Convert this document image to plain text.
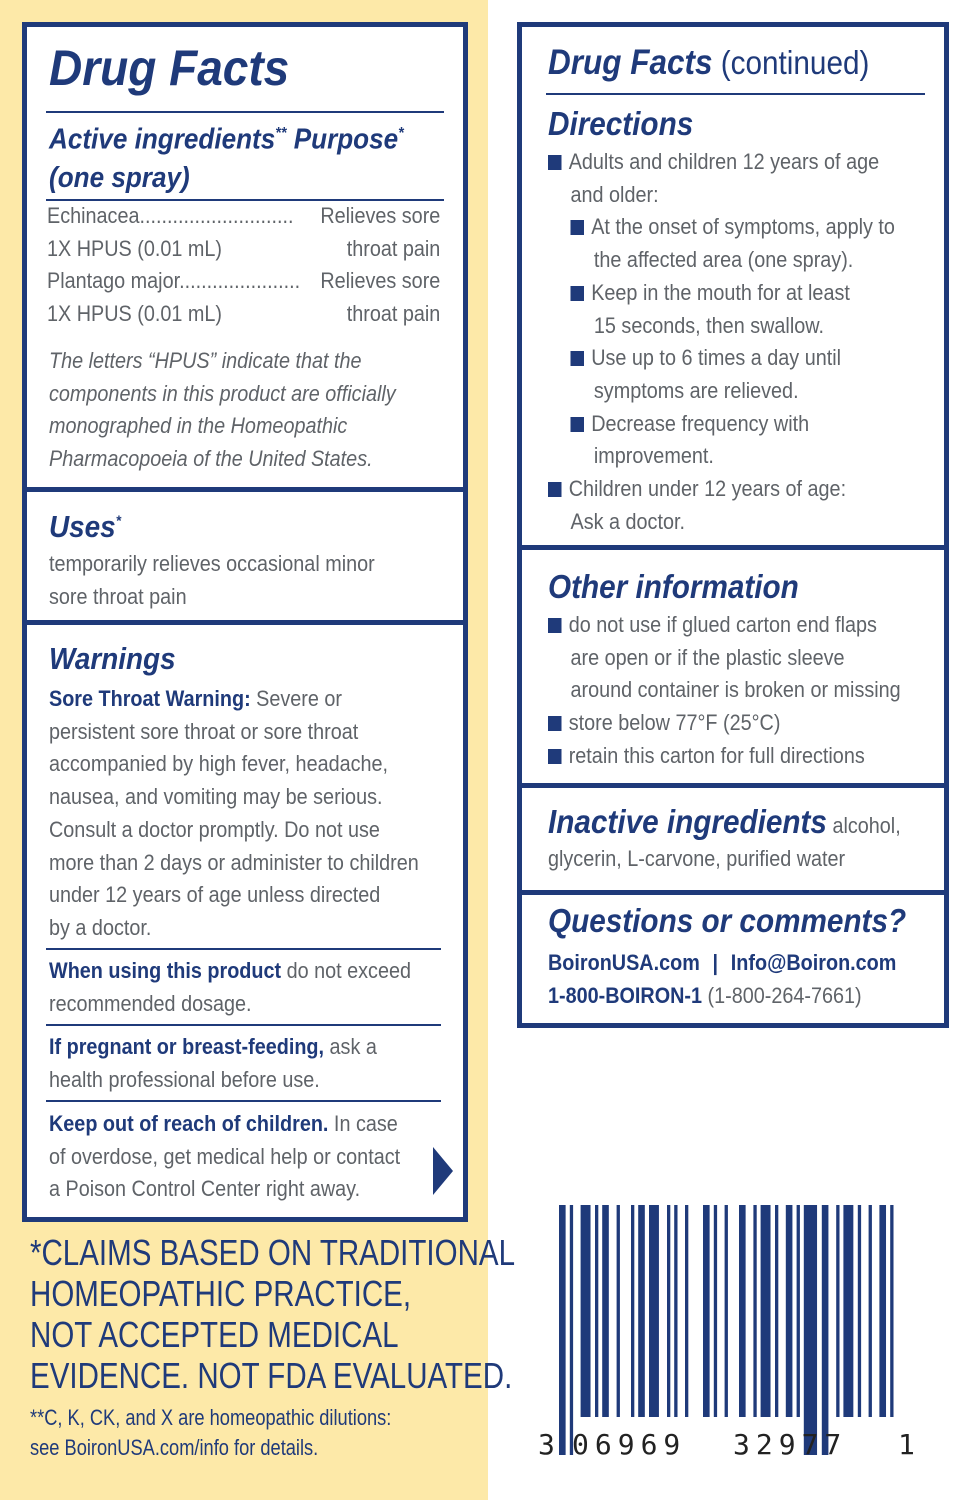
Drug Facts
Active ingredients** Purpose*
(one spray)
Echinacea............................ Relieves sore
1X HPUS (0.01 mL)	throat pain
Plantago major...................... Relieves sore
1X HPUS (0.01 mL)	throat pain
The letters “HPUS” indicate that the
components in this product are officially
monographed in the Homeopathic
Pharmacopoeia of the United States.
Uses*
temporarily relieves occasional minor
sore throat pain
Warnings
Sore Throat Warning: Severe or
persistent sore throat or sore throat
accompanied by high fever, headache,
nausea, and vomiting may be serious.
Consult a doctor promptly. Do not use
more than 2 days or administer to children
under 12 years of age unless directed
by a doctor.
When using this product do not exceed
recommended dosage.
If pregnant or breast-feeding, ask a
health professional before use.
Keep out of reach of children. In case
of overdose, get medical help or contact
a Poison Control Center right away.
*CLAIMS BASED ON TRADITIONAL
HOMEOPATHIC PRACTICE,
NOT ACCEPTED MEDICAL
EVIDENCE. NOT FDA EVALUATED.
**C, K, CK, and X are homeopathic dilutions:
see BoironUSA.com/info for details.
Drug Facts (continued)
Directions
Adults and children 12 years of age
and older:
At the onset of symptoms, apply to
the affected area (one spray).
Keep in the mouth for at least
15 seconds, then swallow.
Use up to 6 times a day until
symptoms are relieved.
Decrease frequency with
improvement.
Children under 12 years of age:
Ask a doctor.
Other information
do not use if glued carton end flaps
are open or if the plastic sleeve
around container is broken or missing
store below 77°F (25°C)
retain this carton for full directions
Inactive ingredients alcohol,
glycerin, L-carvone, purified water
Questions or comments?
BoironUSA.com | Info@Boiron.com
1-800-BOIRON-1 (1-800-264-7661)
3 06969 32977 1
